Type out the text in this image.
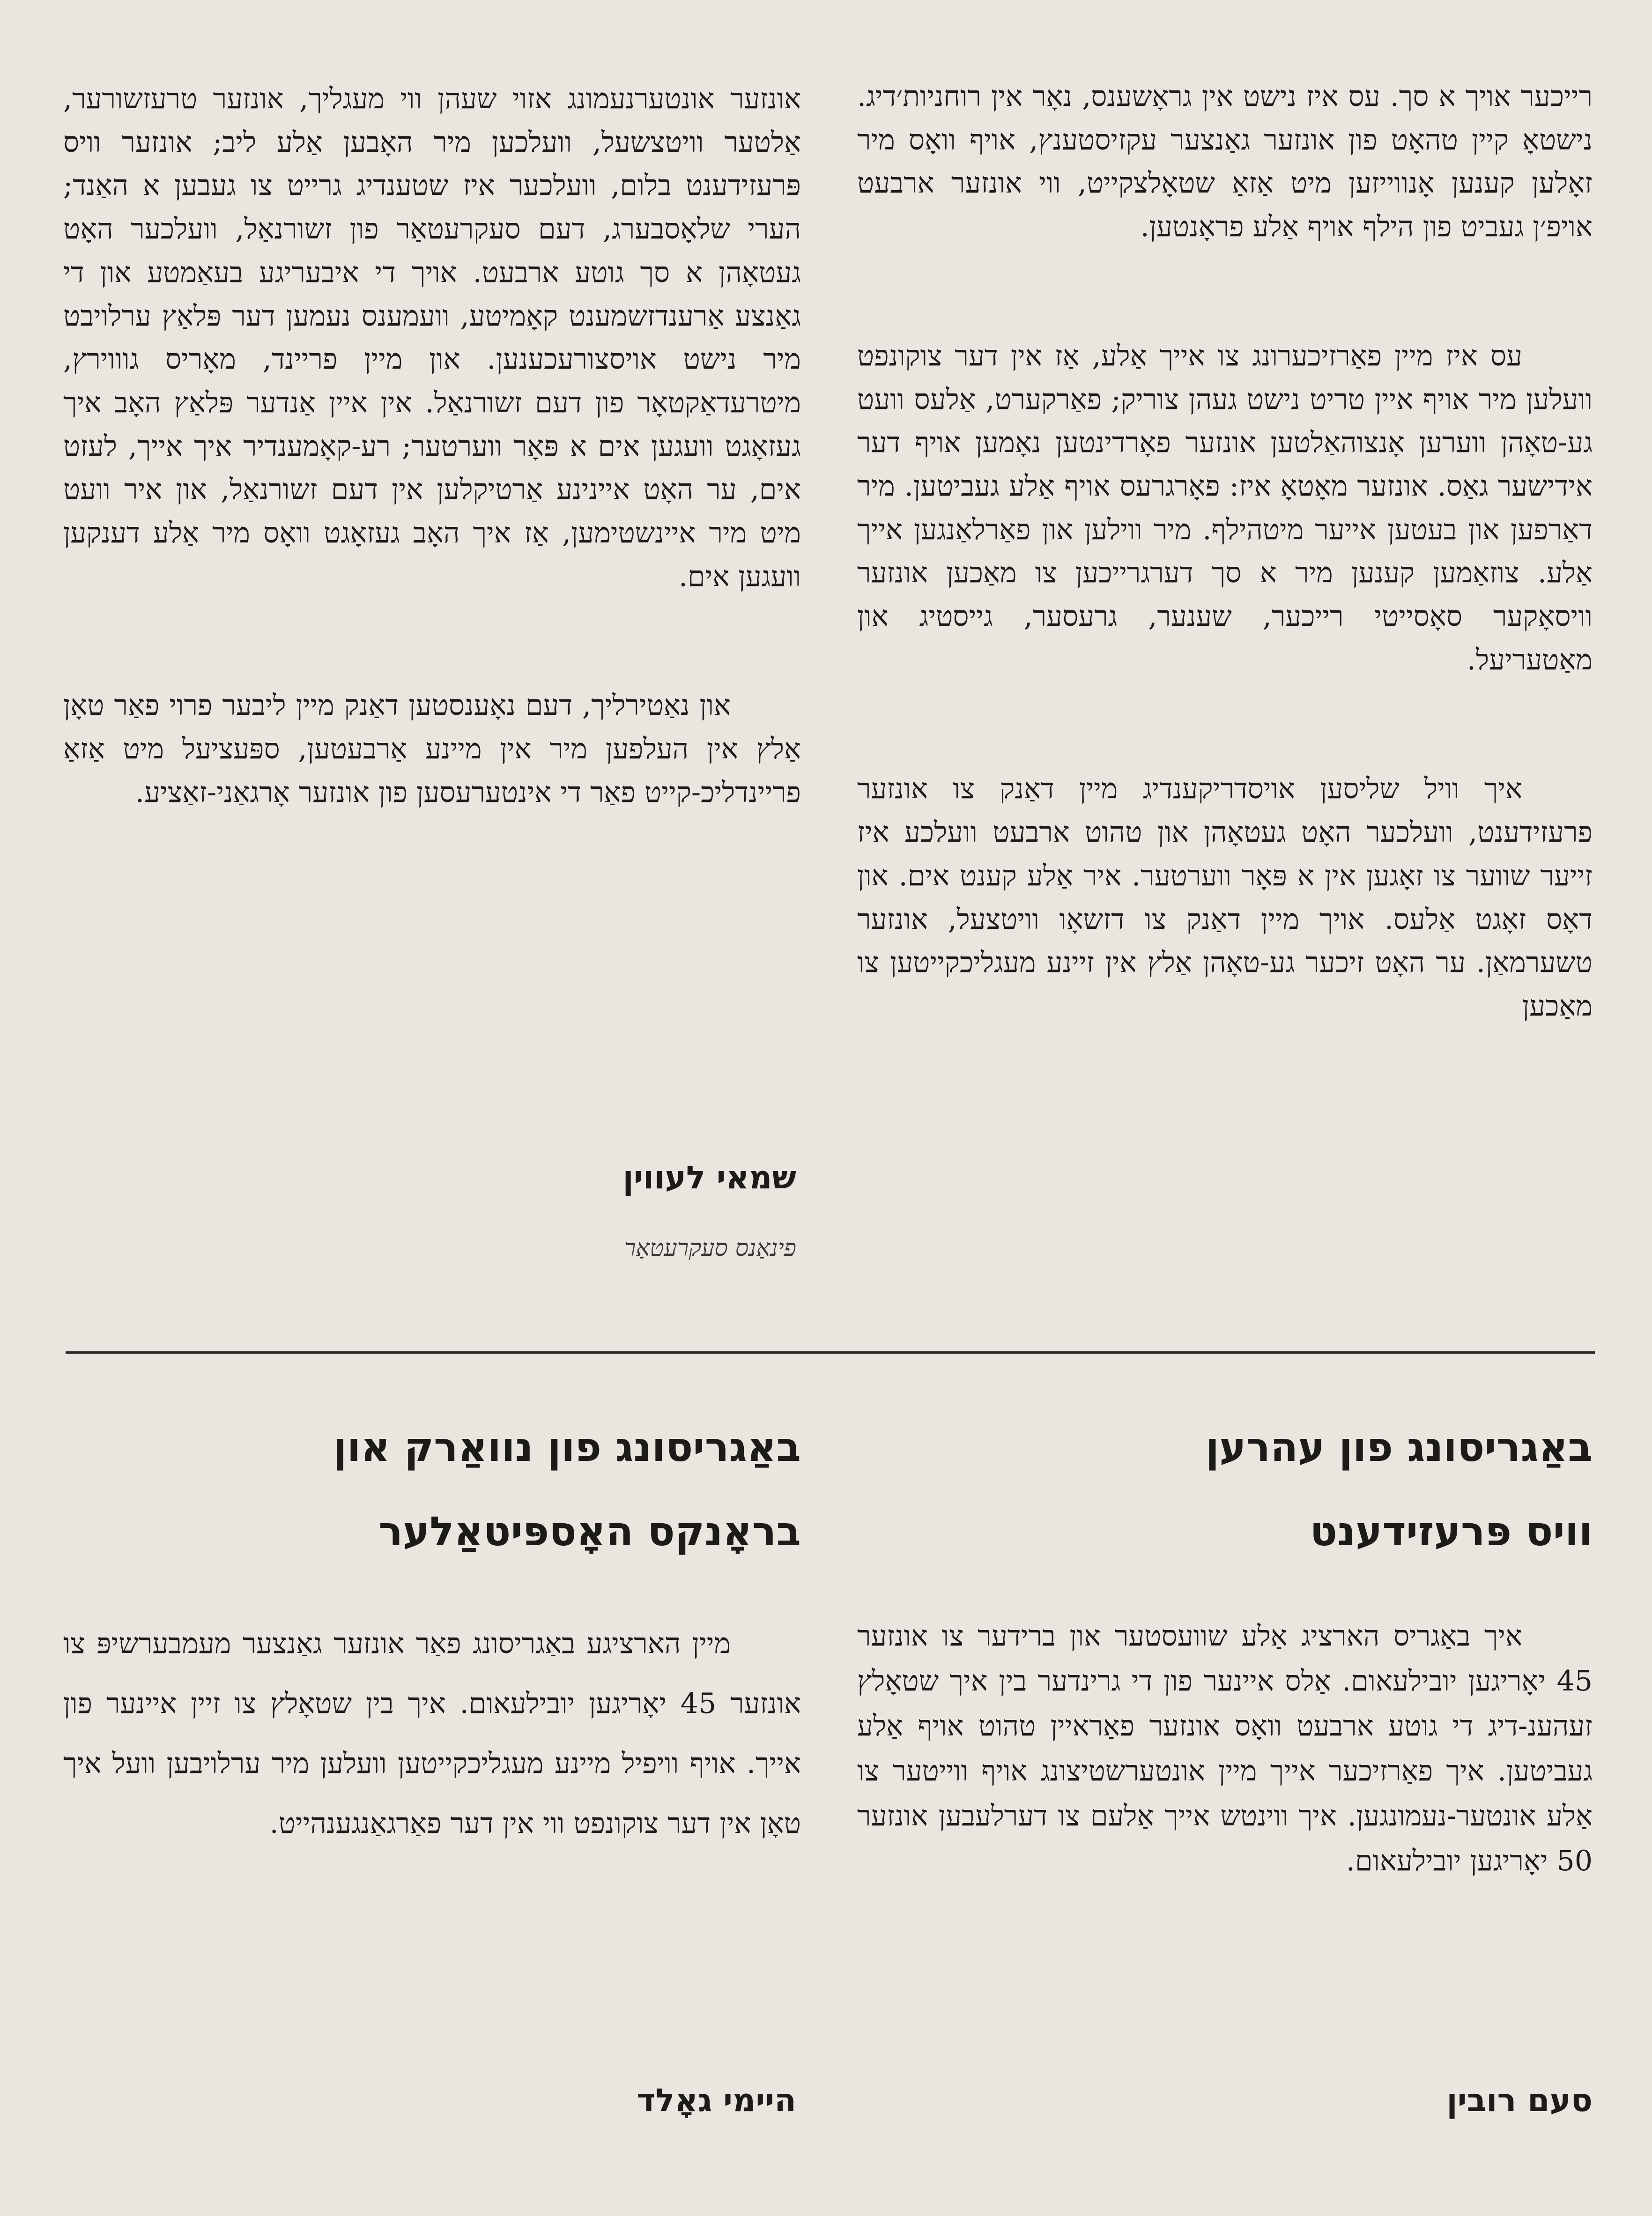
רייכער אויך א סך. עס איז נישט אין גראָשענס, נאָר אין רוחניות׳דיג. נישטאָ קיין טהאָט פון אונזער גאַנצער עקזיסטענץ, אויף וואָס מיר זאָלען קענען אָנווייזען מיט אַזאַ שטאָלצקייט, ווי אונזער ארבעט אויפ׳ן געביט פון הילף אויף אַלע פראָנטען.

עס איז מיין פאַרזיכערונג צו אייך אַלע, אַז אין דער צוקונפט וועלען מיר אויף איין טריט נישט געהן צוריק; פאַרקערט, אַלעס וועט גע-טאָהן ווערען אָנצוהאַלטען אונזער פאָרדינטען נאָמען אויף דער אידישער גאַס. אונזער מאָטאָ איז: פאָרגרעס אויף אַלע געביטען. מיר דאַרפען און בעטען אייער מיטהילף. מיר ווילען און פאַרלאַנגען אייך אַלע. צוזאַמען קענען מיר א סך דערגרייכען צו מאַכען אונזער וויסאָקער סאָסייטי רייכער, שענער, גרעסער, גייסטיג און מאַטעריעל.

איך וויל שליסען אויסדריקענדיג מיין דאַנק צו אונזער פרעזידענט, וועלכער האָט געטאָהן און טהוט ארבעט וועלכע איז זייער שווער צו זאָגען אין א פּאָר ווערטער. איר אַלע קענט אים. און דאָס זאָגט אַלעס. אויך מיין דאַנק צו דזשאָו וויטצעל, אונזער טשערמאַן. ער האָט זיכער גע-טאָהן אַלץ אין זיינע מעגליכקייטען צו מאַכען

אונזער אונטערנעמונג אזוי שעהן ווי מעגליך, אונזער טרעזשורער, אַלטער וויטצשעל, וועלכען מיר האָבען אַלע ליב; אונזער וויס פּרעזידענט בלום, וועלכער איז שטענדיג גרייט צו געבען א האַנד; הערי שלאָסבערג, דעם סעקרעטאַר פון זשורנאַל, וועלכער האָט געטאָהן א סך גוטע ארבעט. אויך די איבעריגע בעאַמטע און די גאַנצע אַרענדזשמענט קאָמיטע, וועמענס נעמען דער פּלאַץ ערלויבט מיר נישט אויסצורעכענען. און מיין פריינד, מאָריס גוווירץ, מיטרעדאַקטאָר פון דעם זשורנאַל. אין איין אַנדער פּלאַץ האָב איך געזאָגט וועגען אים א פּאָר ווערטער; רע-קאָמענדיר איך אייך, לעזט אים, ער האָט איינינע אַרטיקלען אין דעם זשורנאַל, און איר וועט מיט מיר איינשטימען, אַז איך האָב געזאָגט וואָס מיר אַלע דענקען וועגען אים.

און נאַטירליך, דעם נאָענסטען דאַנק מיין ליבער פרוי פאַר טאָן אַלץ אין העלפען מיר אין מיינע אַרבעטען, ספּעציעל מיט אַזאַ פריינדליכ-קייט פאַר די אינטערעסען פון אונזער אָרגאַני-זאַציע.

שמאי לעווין
פינאַנס סעקרעטאַר
באַגריסונג פון עהרען
וויס פּרעזידענט
באַגריסונג פון נוואַרק און
בראָנקס האָספּיטאַלער

איך באַגריס הארציג אַלע שוועסטער און ברידער צו אונזער 45 יאָריגען יובילעאום. אַלס איינער פון די גרינדער בין איך שטאָלץ זעהענ-דיג די גוטע ארבעט וואָס אונזער פאַראיין טהוט אויף אַלע געביטען. איך פאַרזיכער אייך מיין אונטערשטיצונג אויף ווייטער צו אַלע אונטער-נעמונגען. איך ווינטש אייך אַלעם צו דערלעבען אונזער 50 יאָריגען יובילעאום.

מיין הארציגע באַגריסונג פאַר אונזער גאַנצער מעמבערשיפּ צו אונזער 45 יאָריגען יובילעאום. איך בין שטאָלץ צו זיין איינער פון אייך. אויף וויפיל מיינע מעגליכקייטען וועלען מיר ערלויבען וועל איך טאָן אין דער צוקונפט ווי אין דער פאַרגאַנגענהייט.

סעם רובין
היימי גאָלד
